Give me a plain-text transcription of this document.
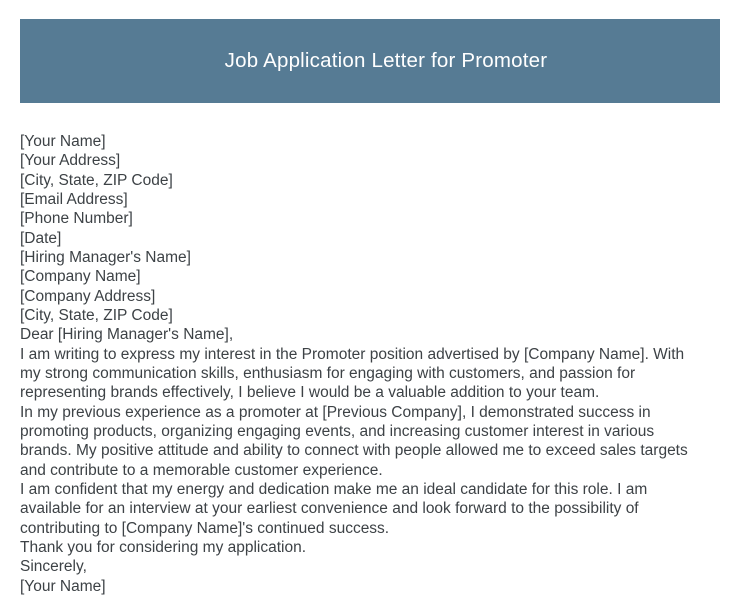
Job Application Letter for Promoter
[Your Name]
[Your Address]
[City, State, ZIP Code]
[Email Address]
[Phone Number]
[Date]
[Hiring Manager's Name]
[Company Name]
[Company Address]
[City, State, ZIP Code]
Dear [Hiring Manager's Name],
I am writing to express my interest in the Promoter position advertised by [Company Name]. With
my strong communication skills, enthusiasm for engaging with customers, and passion for
representing brands effectively, I believe I would be a valuable addition to your team.
In my previous experience as a promoter at [Previous Company], I demonstrated success in
promoting products, organizing engaging events, and increasing customer interest in various
brands. My positive attitude and ability to connect with people allowed me to exceed sales targets
and contribute to a memorable customer experience.
I am confident that my energy and dedication make me an ideal candidate for this role. I am
available for an interview at your earliest convenience and look forward to the possibility of
contributing to [Company Name]'s continued success.
Thank you for considering my application.
Sincerely,
[Your Name]
